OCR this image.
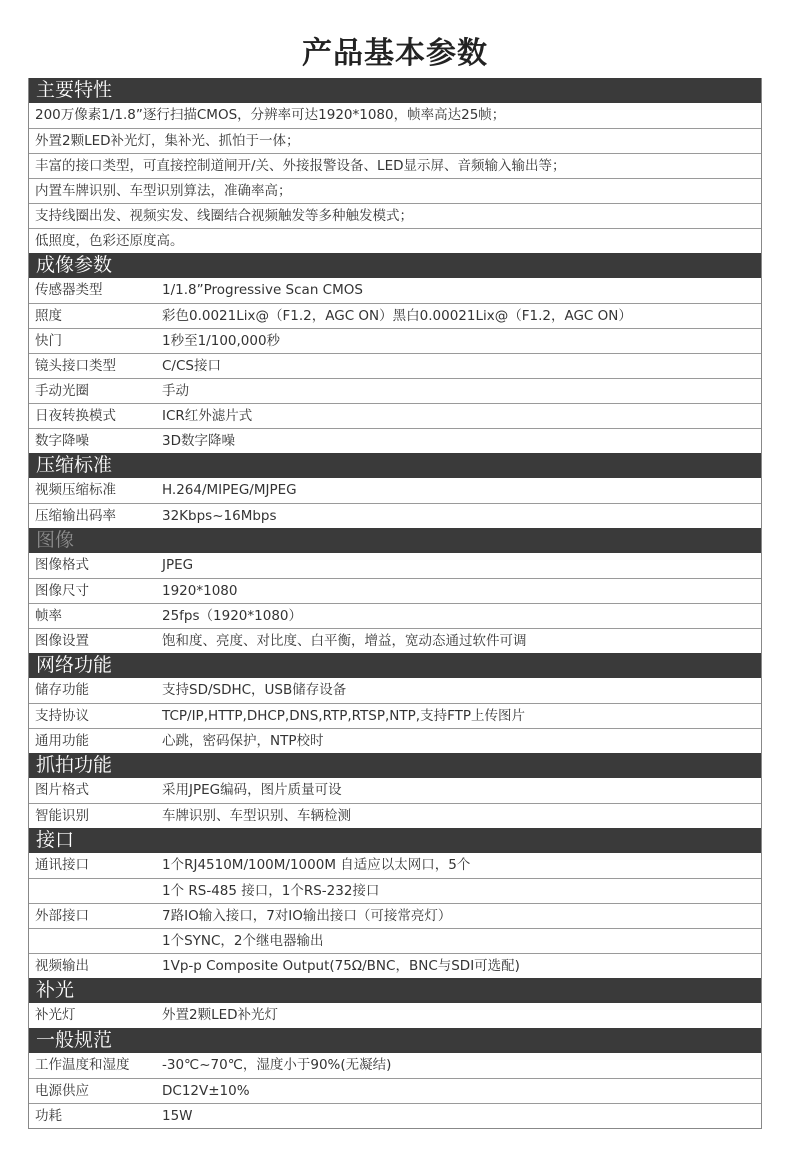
产品基本参数
主要特性
200万像素1/1.8”逐行扫描CMOS，分辨率可达1920*1080，帧率高达25帧；
外置2颗LED补光灯，集补光、抓怕于一体；
丰富的接口类型，可直接控制道闸开/关、外接报警设备、LED显示屏、音频输入输出等；
内置车牌识别、车型识别算法，准确率高；
支持线圈出发、视频实发、线圈结合视频触发等多种触发模式；
低照度，色彩还原度高。
成像参数
传感器类型	1/1.8”Progressive Scan CMOS
照度	彩色0.0021Lix@（F1.2，AGC ON）黑白0.00021Lix@（F1.2，AGC ON）
快门	1秒至1/100,000秒
镜头接口类型	C/CS接口
手动光圈	手动
日夜转换模式	ICR红外滤片式
数字降噪	3D数字降噪
压缩标准
视频压缩标准	H.264/MIPEG/MJPEG
压缩输出码率	32Kbps~16Mbps
图像
图像格式	JPEG
图像尺寸	1920*1080
帧率	25fps（1920*1080）
图像设置	饱和度、亮度、对比度、白平衡，增益，宽动态通过软件可调
网络功能
储存功能	支持SD/SDHC，USB储存设备
支持协议	TCP/IP,HTTP,DHCP,DNS,RTP,RTSP,NTP,支持FTP上传图片
通用功能	心跳，密码保护，NTP校时
抓拍功能
图片格式	采用JPEG编码，图片质量可设
智能识别	车牌识别、车型识别、车辆检测
接口
通讯接口	1个RJ4510M/100M/1000M 自适应以太网口，5个
1个 RS-485 接口，1个RS-232接口
外部接口	7路IO输入接口，7对IO输出接口（可接常亮灯）
1个SYNC，2个继电器输出
视频输出	1Vp-p Composite Output(75Ω/BNC，BNC与SDI可选配)
补光
补光灯	外置2颗LED补光灯
一般规范
工作温度和湿度	-30℃~70℃，湿度小于90%(无凝结)
电源供应	DC12V±10%
功耗	15W
